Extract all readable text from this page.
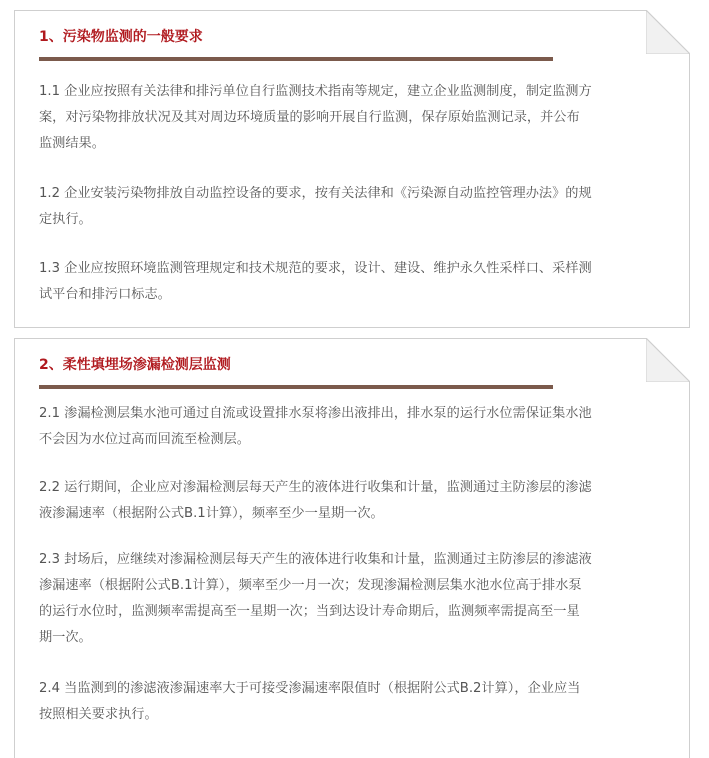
1、污染物监测的一般要求
1.1 企业应按照有关法律和排污单位自行监测技术指南等规定，建立企业监测制度，制定监测方
案，对污染物排放状况及其对周边环境质量的影响开展自行监测，保存原始监测记录，并公布
监测结果。
1.2 企业安装污染物排放自动监控设备的要求，按有关法律和《污染源自动监控管理办法》的规
定执行。
1.3 企业应按照环境监测管理规定和技术规范的要求，设计、建设、维护永久性采样口、采样测
试平台和排污口标志。
2、柔性填埋场渗漏检测层监测
2.1 渗漏检测层集水池可通过自流或设置排水泵将渗出液排出，排水泵的运行水位需保证集水池
不会因为水位过高而回流至检测层。
2.2 运行期间，企业应对渗漏检测层每天产生的液体进行收集和计量，监测通过主防渗层的渗滤
液渗漏速率（根据附公式B.1计算），频率至少一星期一次。
2.3 封场后，应继续对渗漏检测层每天产生的液体进行收集和计量，监测通过主防渗层的渗滤液
渗漏速率（根据附公式B.1计算），频率至少一月一次；发现渗漏检测层集水池水位高于排水泵
的运行水位时，监测频率需提高至一星期一次；当到达设计寿命期后，监测频率需提高至一星
期一次。
2.4 当监测到的渗滤液渗漏速率大于可接受渗漏速率限值时（根据附公式B.2计算），企业应当
按照相关要求执行。
